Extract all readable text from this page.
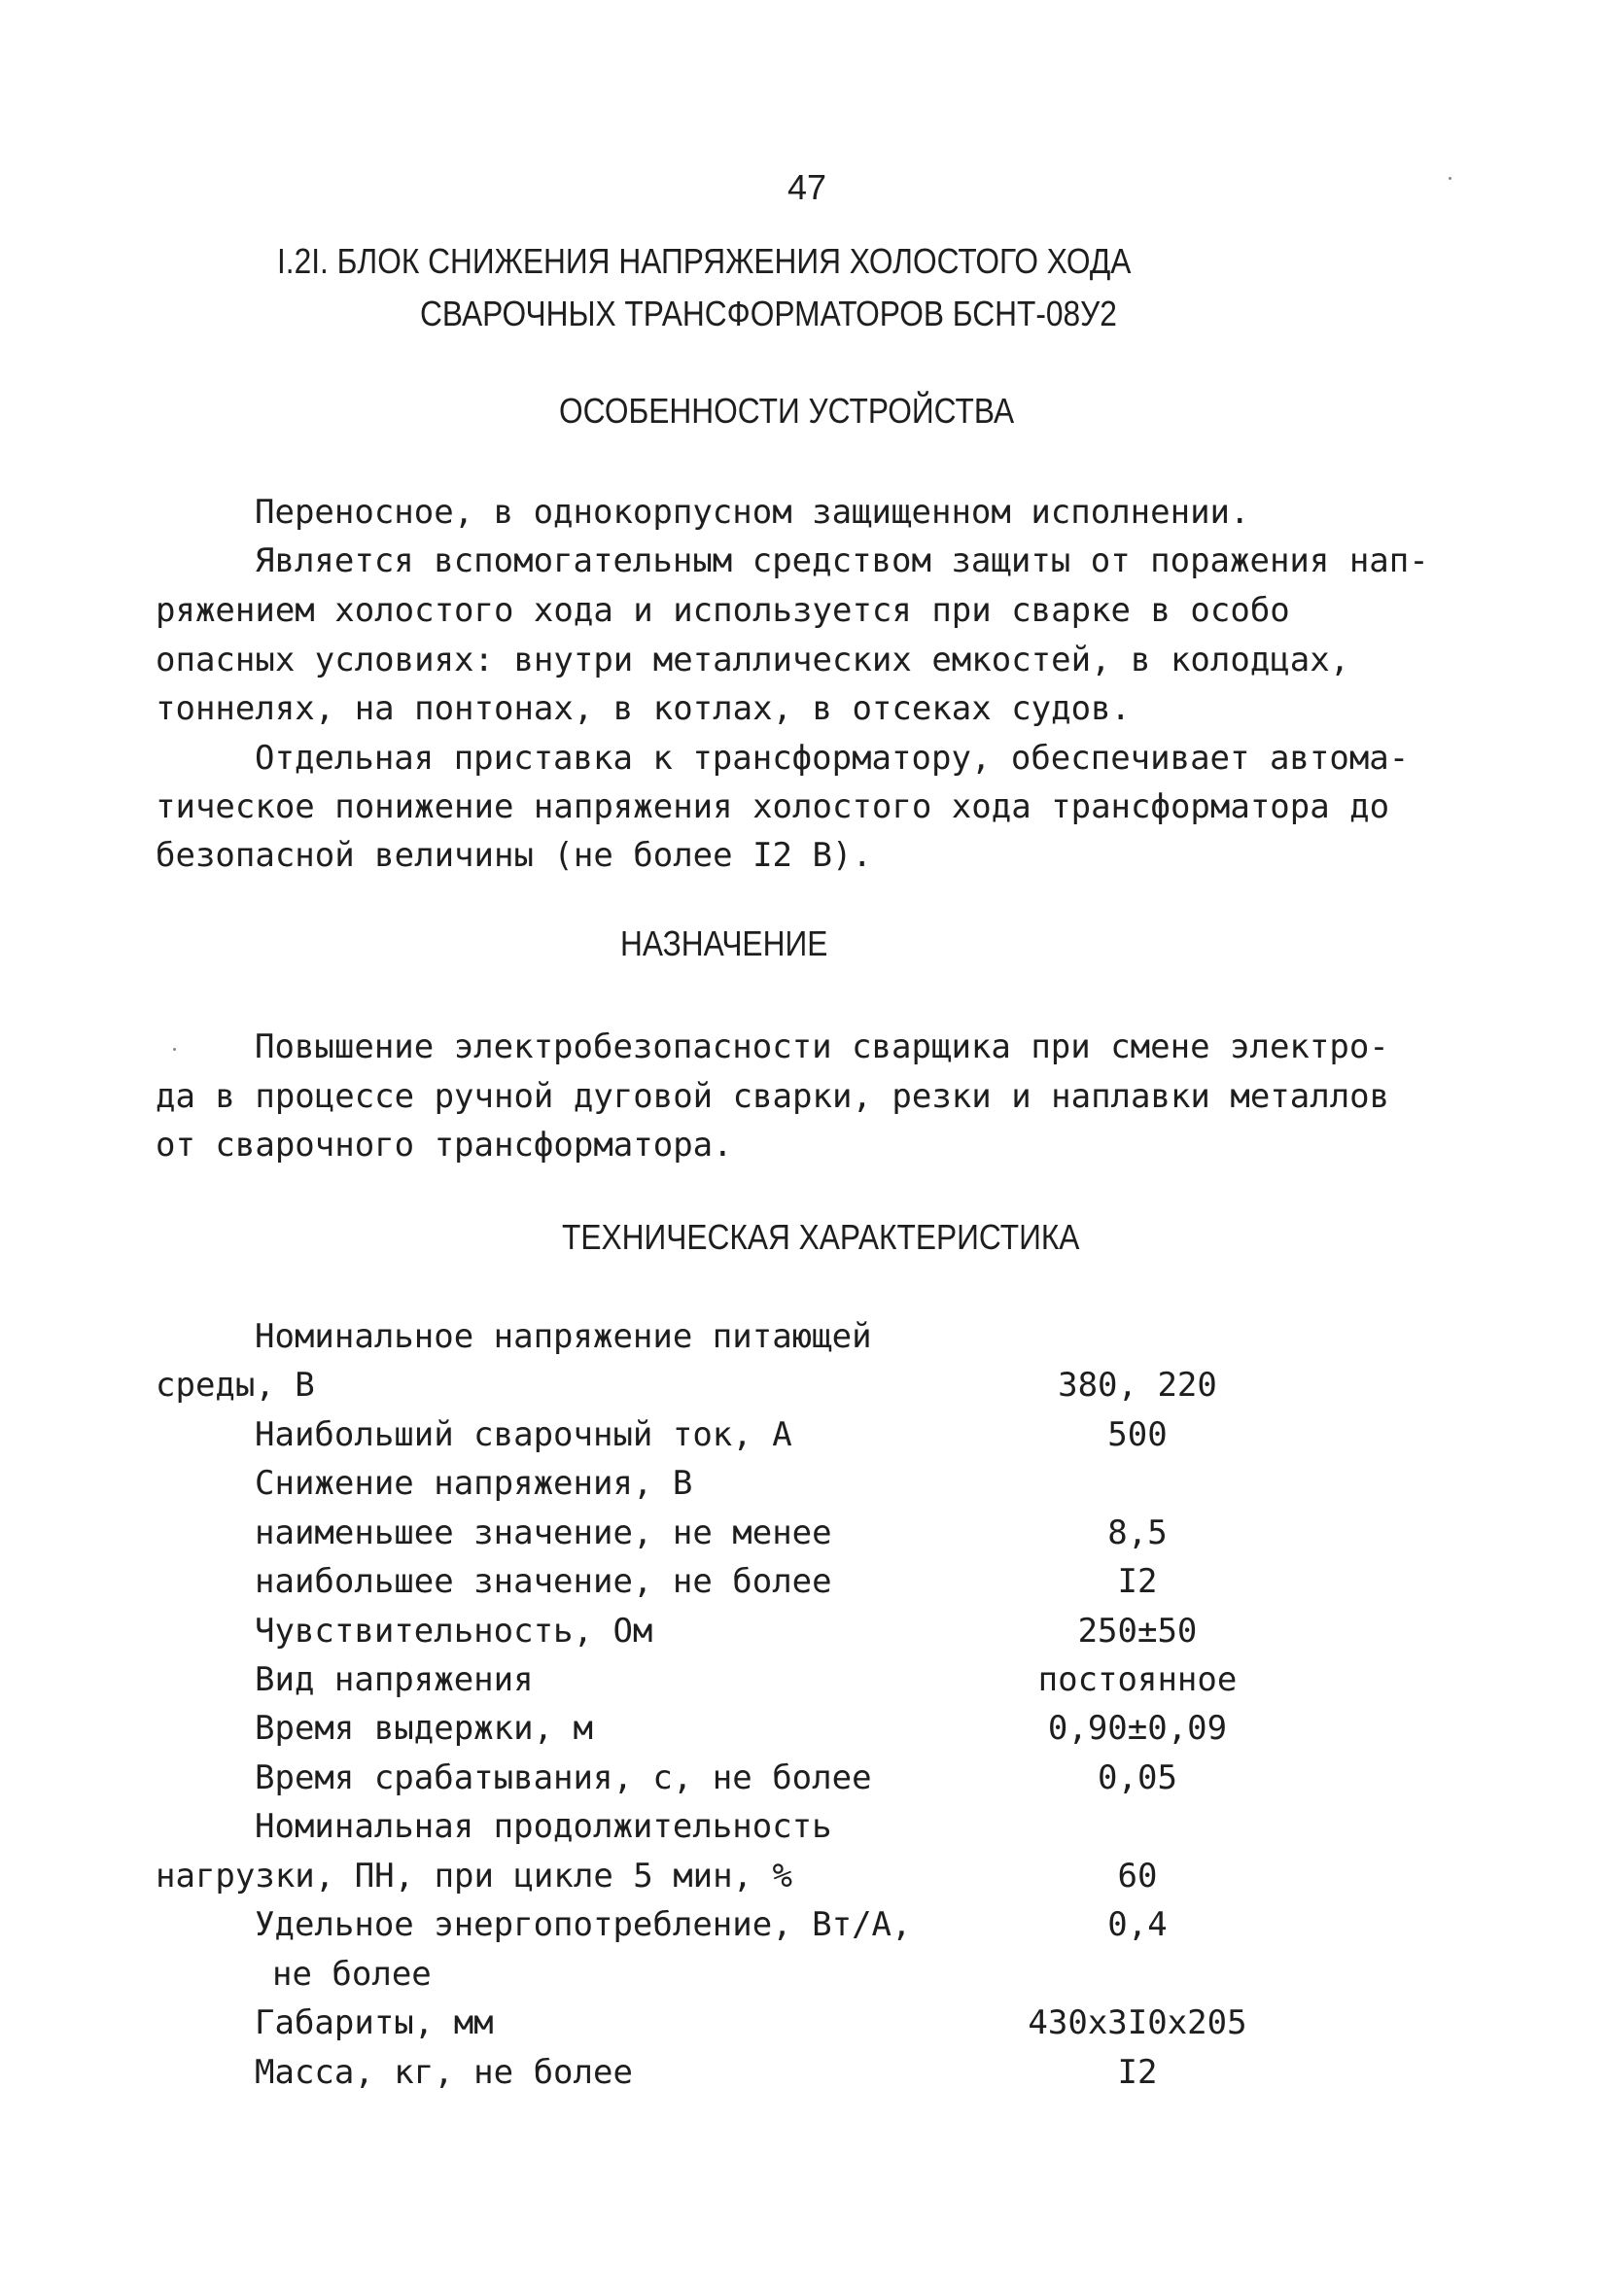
47
I.2I. БЛОК СНИЖЕНИЯ НАПРЯЖЕНИЯ ХОЛОСТОГО ХОДА
СВАРОЧНЫХ ТРАНСФОРМАТОРОВ БСНТ-08У2
ОСОБЕННОСТИ УСТРОЙСТВА
Переносное, в однокорпусном защищенном исполнении.
Является вспомогательным средством защиты от поражения нап-
ряжением холостого хода и используется при сварке в особо
опасных условиях: внутри металлических емкостей, в колодцах,
тоннелях, на понтонах, в котлах, в отсеках судов.
Отдельная приставка к трансформатору, обеспечивает автома-
тическое понижение напряжения холостого хода трансформатора до
безопасной величины (не более I2 В).
НАЗНАЧЕНИЕ
Повышение электробезопасности сварщика при смене электро-
да в процессе ручной дуговой сварки, резки и наплавки металлов
от сварочного трансформатора.
ТЕХНИЧЕСКАЯ ХАРАКТЕРИСТИКА
Номинальное напряжение питающей
среды, В	380, 220
Наибольший сварочный ток, А	500
Снижение напряжения, В
наименьшее значение, не менее	8,5
наибольшее значение, не более	I2
Чувствительность, Ом	250±50
Вид напряжения	постоянное
Время выдержки, м	0,90±0,09
Время срабатывания, с, не более	0,05
Номинальная продолжительность
нагрузки, ПН, при цикле 5 мин, %	60
Удельное энергопотребление, Вт/А,	0,4
не более
Габариты, мм	430x3I0x205
Масса, кг, не более	I2
